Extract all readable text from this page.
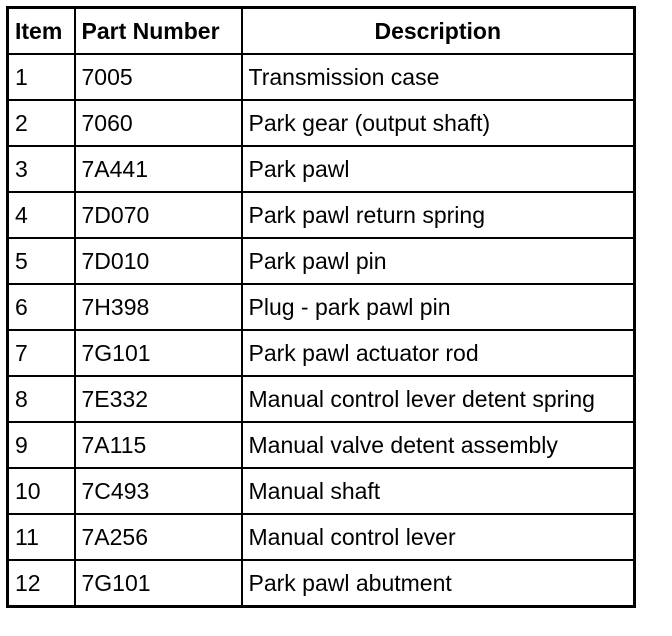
Item	Part Number	Description
1	7005	Transmission case
2	7060	Park gear (output shaft)
3	7A441	Park pawl
4	7D070	Park pawl return spring
5	7D010	Park pawl pin
6	7H398	Plug - park pawl pin
7	7G101	Park pawl actuator rod
8	7E332	Manual control lever detent spring
9	7A115	Manual valve detent assembly
10	7C493	Manual shaft
11	7A256	Manual control lever
12	7G101	Park pawl abutment
